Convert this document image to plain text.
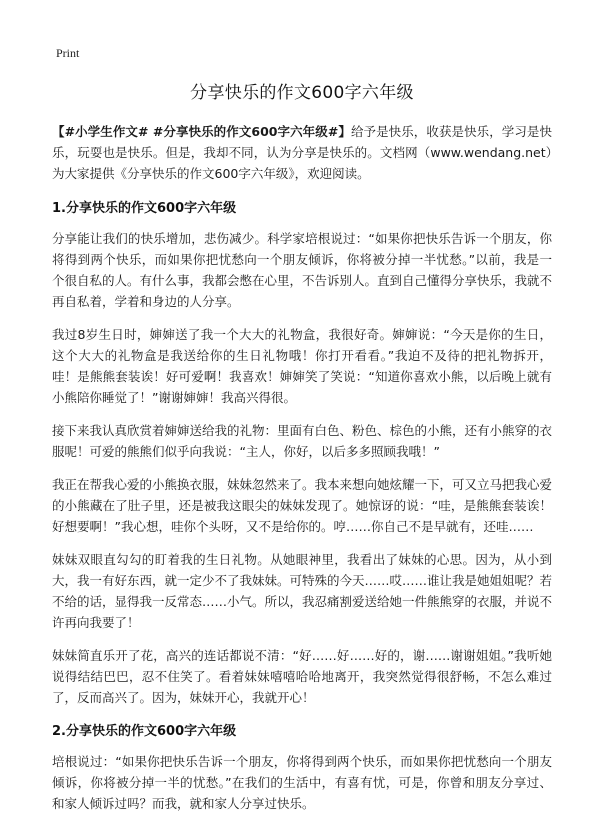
Print
分享快乐的作文600字六年级

【#小学生作文# #分享快乐的作文600字六年级#】给予是快乐，收获是快乐，学习是快乐，玩耍也是快乐。但是，我却不同，认为分享是快乐的。文档网（www.wendang.net）为大家提供《分享快乐的作文600字六年级》，欢迎阅读。

1.分享快乐的作文600字六年级

分享能让我们的快乐增加，悲伤减少。科学家培根说过：“如果你把快乐告诉一个朋友，你将得到两个快乐，而如果你把忧愁向一个朋友倾诉，你将被分掉一半忧愁。”以前，我是一个很自私的人。有什么事，我都会憋在心里，不告诉别人。直到自己懂得分享快乐，我就不再自私着，学着和身边的人分享。

我过8岁生日时，婶婶送了我一个大大的礼物盒，我很好奇。婶婶说：“今天是你的生日，这个大大的礼物盒是我送给你的生日礼物哦！你打开看看。”我迫不及待的把礼物拆开，哇！是熊熊套装诶！好可爱啊！我喜欢！婶婶笑了笑说：“知道你喜欢小熊，以后晚上就有小熊陪你睡觉了！”谢谢婶婶！我高兴得很。

接下来我认真欣赏着婶婶送给我的礼物：里面有白色、粉色、棕色的小熊，还有小熊穿的衣服呢！可爱的熊熊们似乎向我说：“主人，你好，以后多多照顾我哦！”

我正在帮我心爱的小熊换衣服，妹妹忽然来了。我本来想向她炫耀一下，可又立马把我心爱的小熊藏在了肚子里，还是被我这眼尖的妹妹发现了。她惊讶的说：“哇，是熊熊套装诶！好想要啊！”我心想，哇你个头呀，又不是给你的。哼……你自己不是早就有，还哇……

妹妹双眼直勾勾的盯着我的生日礼物。从她眼神里，我看出了妹妹的心思。因为，从小到大，我一有好东西，就一定少不了我妹妹。可特殊的今天……哎……谁让我是她姐姐呢？若不给的话，显得我一反常态……小气。所以，我忍痛割爱送给她一件熊熊穿的衣服，并说不许再向我要了！

妹妹简直乐开了花，高兴的连话都说不清：“好……好……好的，谢……谢谢姐姐。”我听她说得结结巴巴，忍不住笑了。看着妹妹嘻嘻哈哈地离开，我突然觉得很舒畅，不怎么难过了，反而高兴了。因为，妹妹开心，我就开心！

2.分享快乐的作文600字六年级

培根说过：“如果你把快乐告诉一个朋友，你将得到两个快乐，而如果你把忧愁向一个朋友倾诉，你将被分掉一半的忧愁。”在我们的生活中，有喜有忧，可是，你曾和朋友分享过、和家人倾诉过吗？而我，就和家人分享过快乐。
